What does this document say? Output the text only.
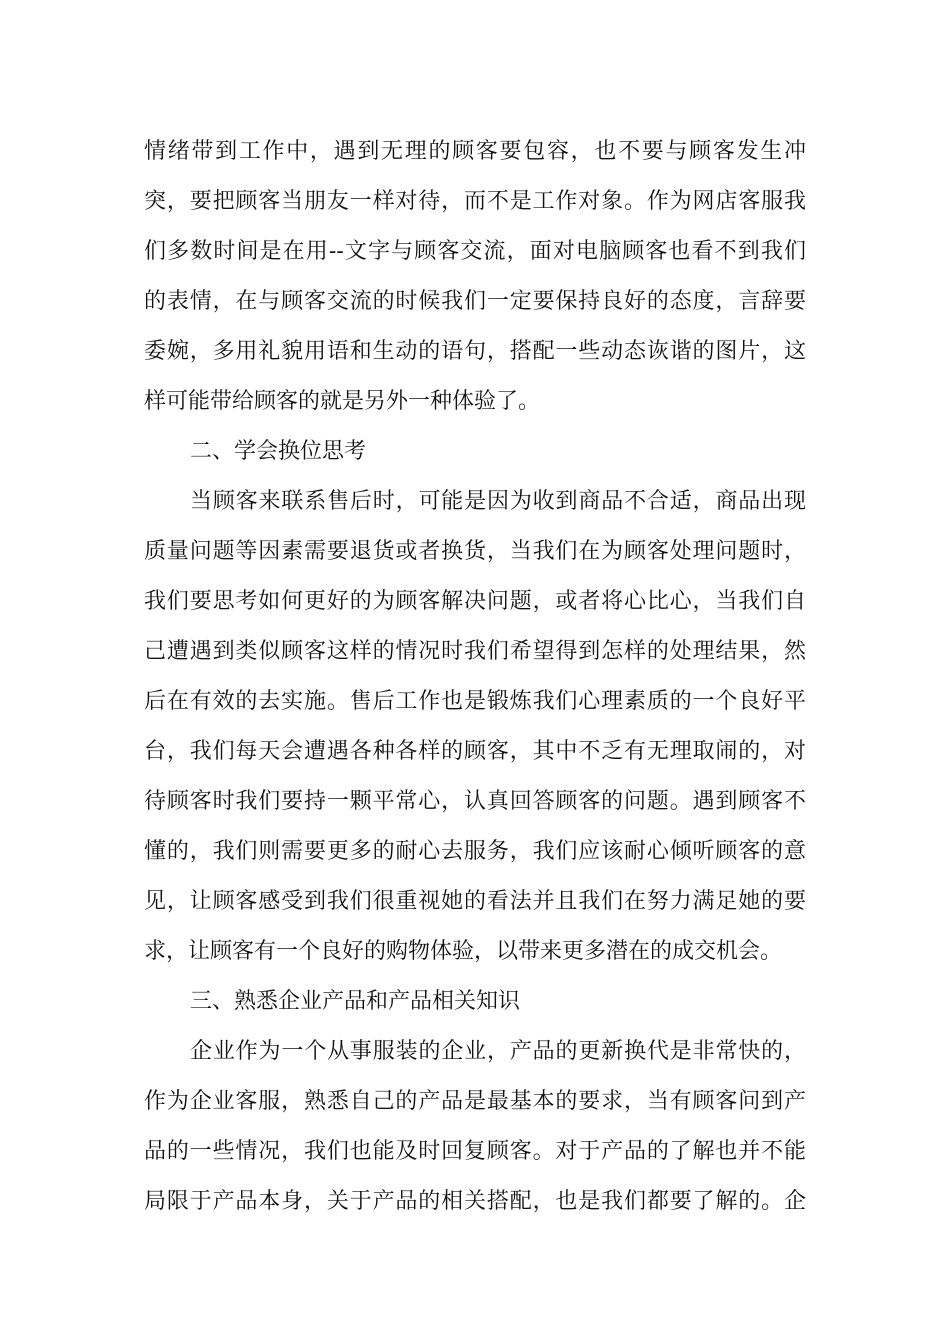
情绪带到工作中，遇到无理的顾客要包容，也不要与顾客发生冲
突，要把顾客当朋友一样对待，而不是工作对象。作为网店客服我
们多数时间是在用--文字与顾客交流，面对电脑顾客也看不到我们
的表情，在与顾客交流的时候我们一定要保持良好的态度，言辞要
委婉，多用礼貌用语和生动的语句，搭配一些动态诙谐的图片，这
样可能带给顾客的就是另外一种体验了。
二、学会换位思考
当顾客来联系售后时，可能是因为收到商品不合适，商品出现
质量问题等因素需要退货或者换货，当我们在为顾客处理问题时，
我们要思考如何更好的为顾客解决问题，或者将心比心，当我们自
己遭遇到类似顾客这样的情况时我们希望得到怎样的处理结果，然
后在有效的去实施。售后工作也是锻炼我们心理素质的一个良好平
台，我们每天会遭遇各种各样的顾客，其中不乏有无理取闹的，对
待顾客时我们要持一颗平常心，认真回答顾客的问题。遇到顾客不
懂的，我们则需要更多的耐心去服务，我们应该耐心倾听顾客的意
见，让顾客感受到我们很重视她的看法并且我们在努力满足她的要
求，让顾客有一个良好的购物体验，以带来更多潜在的成交机会。
三、熟悉企业产品和产品相关知识
企业作为一个从事服装的企业，产品的更新换代是非常快的，
作为企业客服，熟悉自己的产品是最基本的要求，当有顾客问到产
品的一些情况，我们也能及时回复顾客。对于产品的了解也并不能
局限于产品本身，关于产品的相关搭配，也是我们都要了解的。企
